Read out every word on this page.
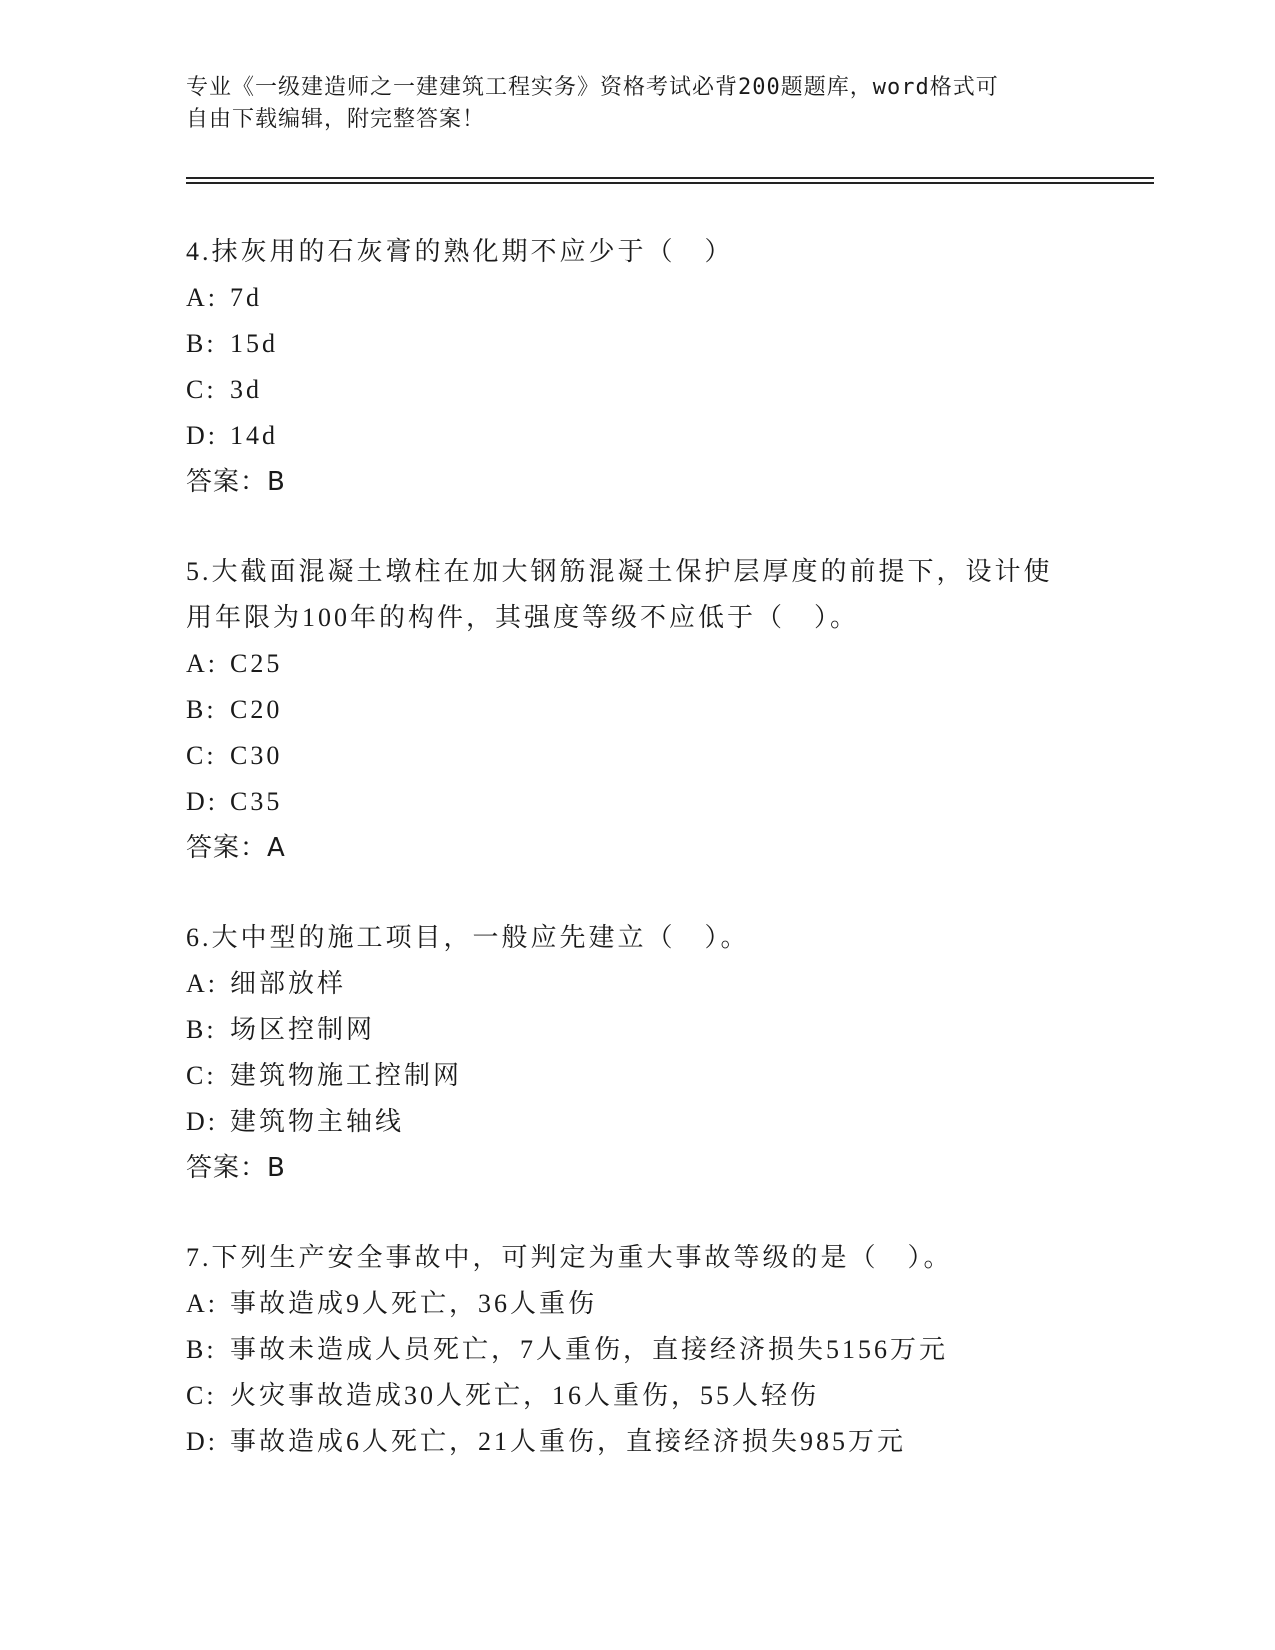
专业《一级建造师之一建建筑工程实务》资格考试必背200题题库，word格式可
自由下载编辑，附完整答案！
4.抹灰用的石灰膏的熟化期不应少于（　）
A: 7d
B: 15d
C: 3d
D: 14d
答案：B
5.大截面混凝土墩柱在加大钢筋混凝土保护层厚度的前提下，设计使
用年限为100年的构件，其强度等级不应低于（　）。
A: C25
B: C20
C: C30
D: C35
答案：A
6.大中型的施工项目，一般应先建立（　）。
A: 细部放样
B: 场区控制网
C: 建筑物施工控制网
D: 建筑物主轴线
答案：B
7.下列生产安全事故中，可判定为重大事故等级的是（　）。
A: 事故造成9人死亡，36人重伤
B: 事故未造成人员死亡，7人重伤，直接经济损失5156万元
C: 火灾事故造成30人死亡，16人重伤，55人轻伤
D: 事故造成6人死亡，21人重伤，直接经济损失985万元
